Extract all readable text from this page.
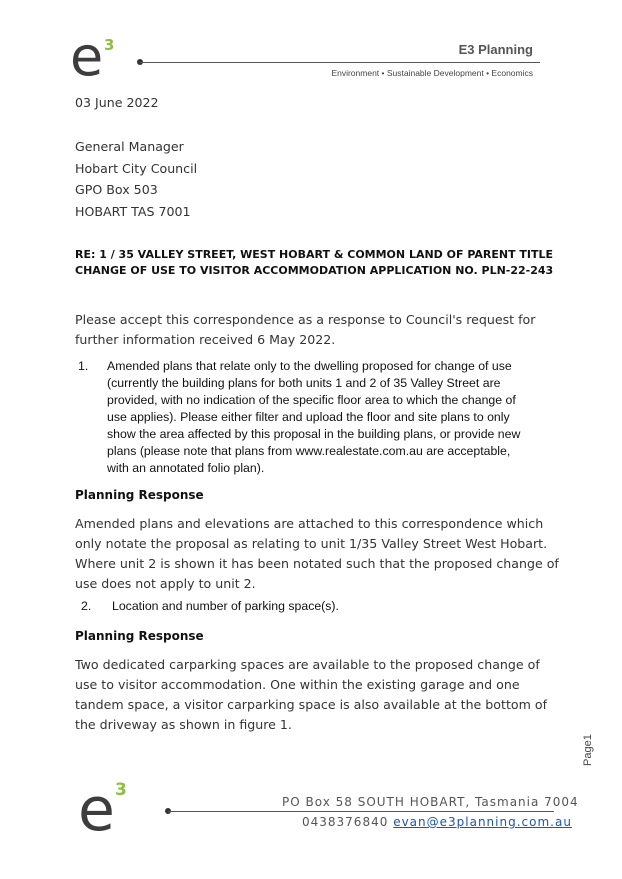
e 3	E3 Planning
Environment • Sustainable Development • Economics
03 June 2022
General Manager
Hobart City Council
GPO Box 503
HOBART TAS 7001
RE: 1 / 35 VALLEY STREET, WEST HOBART & COMMON LAND OF PARENT TITLE
CHANGE OF USE TO VISITOR ACCOMMODATION APPLICATION NO. PLN-22-243
Please accept this correspondence as a response to Council's request for
further information received 6 May 2022.
1. Amended plans that relate only to the dwelling proposed for change of use
(currently the building plans for both units 1 and 2 of 35 Valley Street are
provided, with no indication of the specific floor area to which the change of
use applies). Please either filter and upload the floor and site plans to only
show the area affected by this proposal in the building plans, or provide new
plans (please note that plans from www.realestate.com.au are acceptable,
with an annotated folio plan).
Planning Response
Amended plans and elevations are attached to this correspondence which
only notate the proposal as relating to unit 1/35 Valley Street West Hobart.
Where unit 2 is shown it has been notated such that the proposed change of
use does not apply to unit 2.
2. Location and number of parking space(s).
Planning Response
Two dedicated carparking spaces are available to the proposed change of
use to visitor accommodation. One within the existing garage and one
tandem space, a visitor carparking space is also available at the bottom of
the driveway as shown in figure 1.
Page1
e 3
PO Box 58 SOUTH HOBART, Tasmania 7004
0438376840 evan@e3planning.com.au
